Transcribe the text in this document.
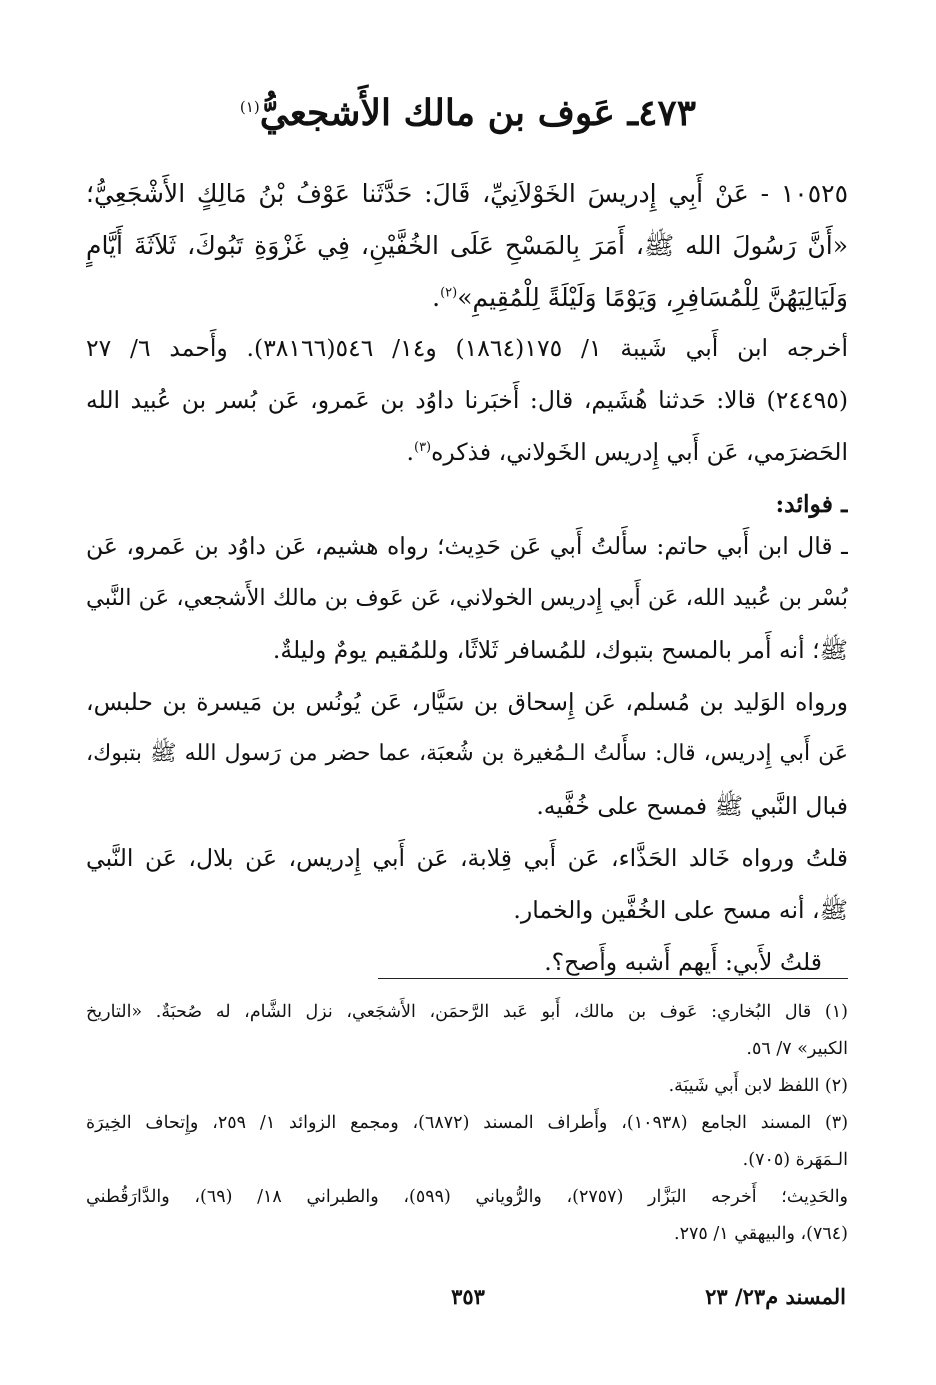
٤٧٣ـ عَوف بن مالك الأَشجعيُّ$^{(١)}$
١٠٥٢٥ - عَنْ أَبِي إِدريسَ الخَوْلاَنِيِّ، قَالَ: حَدَّثَنا عَوْفُ بْنُ مَالِكٍ الأَشْجَعِيُّ؛
«أَنَّ رَسُولَ الله ﷺ، أَمَرَ بِالمَسْحِ عَلَى الخُفَّيْنِ، فِي غَزْوَةِ تَبُوكَ، ثَلاَثَةَ أَيَّامٍ
وَلَيَالِيَهُنَّ لِلْمُسَافِرِ، وَيَوْمًا وَلَيْلَةً لِلْمُقِيمِ»$^{(٢)}$.
أخرجه ابن أَبي شَيبة ١/ ١٧٥(١٨٦٤) و١٤/ ٥٤٦(٣٨١٦٦). وأَحمد ٦/ ٢٧
(٢٤٤٩٥) قالا: حَدثنا هُشَيم، قال: أَخبَرنا داوُد بن عَمرو، عَن بُسر بن عُبيد الله
الحَضرَمي، عَن أَبي إِدريس الخَولاني، فذكره$^{(٣)}$.
ـ فوائد:
ـ قال ابن أَبي حاتم: سأَلتُ أَبي عَن حَدِيث؛ رواه هشيم، عَن داوُد بن عَمرو، عَن
بُسْر بن عُبيد الله، عَن أَبي إِدريس الخولاني، عَن عَوف بن مالك الأَشجعي، عَن النَّبي
ﷺ؛ أنه أَمر بالمسح بتبوك، للمُسافر ثَلاثًا، وللمُقيم يومٌ وليلةٌ.
ورواه الوَليد بن مُسلم، عَن إِسحاق بن سَيَّار، عَن يُونُس بن مَيسرة بن حلبس،
عَن أَبي إِدريس، قال: سأَلتُ الـمُغيرة بن شُعبَة، عما حضر من رَسول الله ﷺ بتبوك،
فبال النَّبي ﷺ فمسح على خُفَّيه.
قلتُ ورواه خَالد الحَذَّاء، عَن أَبي قِلابة، عَن أَبي إِدريس، عَن بلال، عَن النَّبي
ﷺ، أنه مسح على الخُفَّين والخمار.
قلتُ لأَبي: أَيهم أَشبه وأَصح؟.
(١) قال البُخاري: عَوف بن مالك، أَبو عَبد الرَّحمَن، الأَشجَعي، نزل الشَّام، له صُحبَةٌ. «التاريخ
الكبير» ٧/ ٥٦.
(٢) اللفظ لابن أَبي شَيبَة.
(٣) المسند الجامع (١٠٩٣٨)، وأَطراف المسند (٦٨٧٢)، ومجمع الزوائد ١/ ٢٥٩، وإِتحاف الخِيرَة
الـمَهَرة (٧٠٥).
والحَدِيث؛ أَخرجه البَزَّار (٢٧٥٧)، والرُّوياني (٥٩٩)، والطبراني ١٨/ (٦٩)، والدَّارَقُطني
(٧٦٤)، والبيهقي ١/ ٢٧٥.
المسند م٢٣/ ٢٣
٣٥٣
